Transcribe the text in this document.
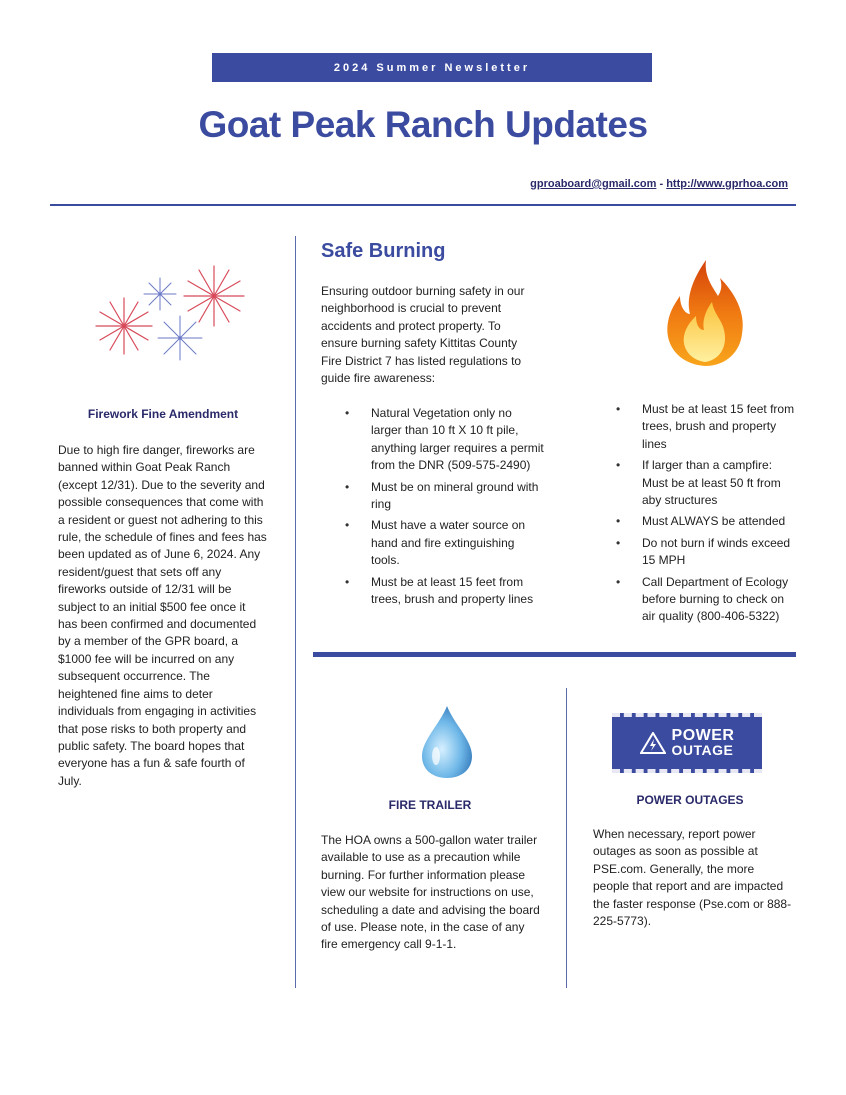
2024 Summer Newsletter
Goat Peak Ranch Updates
gproaboard@gmail.com - http://www.gprhoa.com
Firework Fine Amendment

Due to high fire danger, fireworks are banned within Goat Peak Ranch (except 12/31). Due to the severity and possible consequences that come with a resident or guest not adhering to this rule, the schedule of fines and fees has been updated as of June 6, 2024. Any resident/guest that sets off any fireworks outside of 12/31 will be subject to an initial $500 fee once it has been confirmed and documented by a member of the GPR board, a $1000 fee will be incurred on any subsequent occurrence. The heightened fine aims to deter individuals from engaging in activities that pose risks to both property and public safety. The board hopes that everyone has a fun & safe fourth of July.

Safe Burning

Ensuring outdoor burning safety in our neighborhood is crucial to prevent accidents and protect property. To ensure burning safety Kittitas County Fire District 7 has listed regulations to guide fire awareness:

• Natural Vegetation only no larger than 10 ft X 10 ft pile, anything larger requires a permit from the DNR (509-575-2490)
• Must be on mineral ground with ring
• Must have a water source on hand and fire extinguishing tools.
• Must be at least 15 feet from trees, brush and property lines
• Must be at least 15 feet from trees, brush and property lines
• If larger than a campfire: Must be at least 50 ft from aby structures
• Must ALWAYS be attended
• Do not burn if winds exceed 15 MPH
• Call Department of Ecology before burning to check on air quality (800-406-5322)
FIRE TRAILER

The HOA owns a 500-gallon water trailer available to use as a precaution while burning. For further information please view our website for instructions on use, scheduling a date and advising the board of use. Please note, in the case of any fire emergency call 9-1-1.

POWER
OUTAGE
POWER OUTAGES

When necessary, report power outages as soon as possible at PSE.com. Generally, the more people that report and are impacted the faster response (Pse.com or 888-225-5773).
